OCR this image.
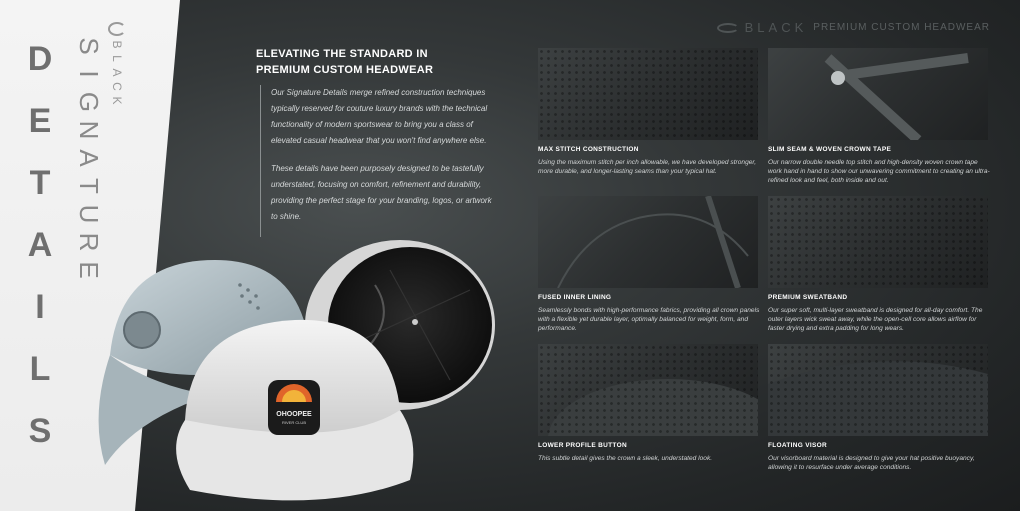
D
E
T
A
I
L
S
S
I
G
N
A
T
U
R
E
B
L
A
C
K
BLACK PREMIUM CUSTOM HEADWEAR
ELEVATING THE STANDARD IN
PREMIUM CUSTOM HEADWEAR

Our Signature Details merge refined construction techniques typically reserved for couture luxury brands with the technical functionality of modern sportswear to bring you a class of elevated casual headwear that you won't find anywhere else.

These details have been purposely designed to be tastefully understated, focusing on comfort, refinement and durability, providing the perfect stage for your branding, logos, or artwork to shine.

OHOOPEE
RIVER CLUB
MAX STITCH CONSTRUCTION
Using the maximum stitch per inch allowable, we have developed stronger, more durable, and longer-lasting seams than your typical hat.
SLIM SEAM & WOVEN CROWN TAPE
Our narrow double needle top stitch and high-density woven crown tape work hand in hand to show our unwavering commitment to creating an ultra-refined look and feel, both inside and out.
FUSED INNER LINING
Seamlessly bonds with high-performance fabrics, providing all crown panels with a flexible yet durable layer, optimally balanced for weight, form, and performance.
PREMIUM SWEATBAND
Our super soft, multi-layer sweatband is designed for all-day comfort. The outer layers wick sweat away, while the open-cell core allows airflow for faster drying and extra padding for long wears.
LOWER PROFILE BUTTON
This subtle detail gives the crown a sleek, understated look.
FLOATING VISOR
Our visorboard material is designed to give your hat positive buoyancy, allowing it to resurface under average conditions.
